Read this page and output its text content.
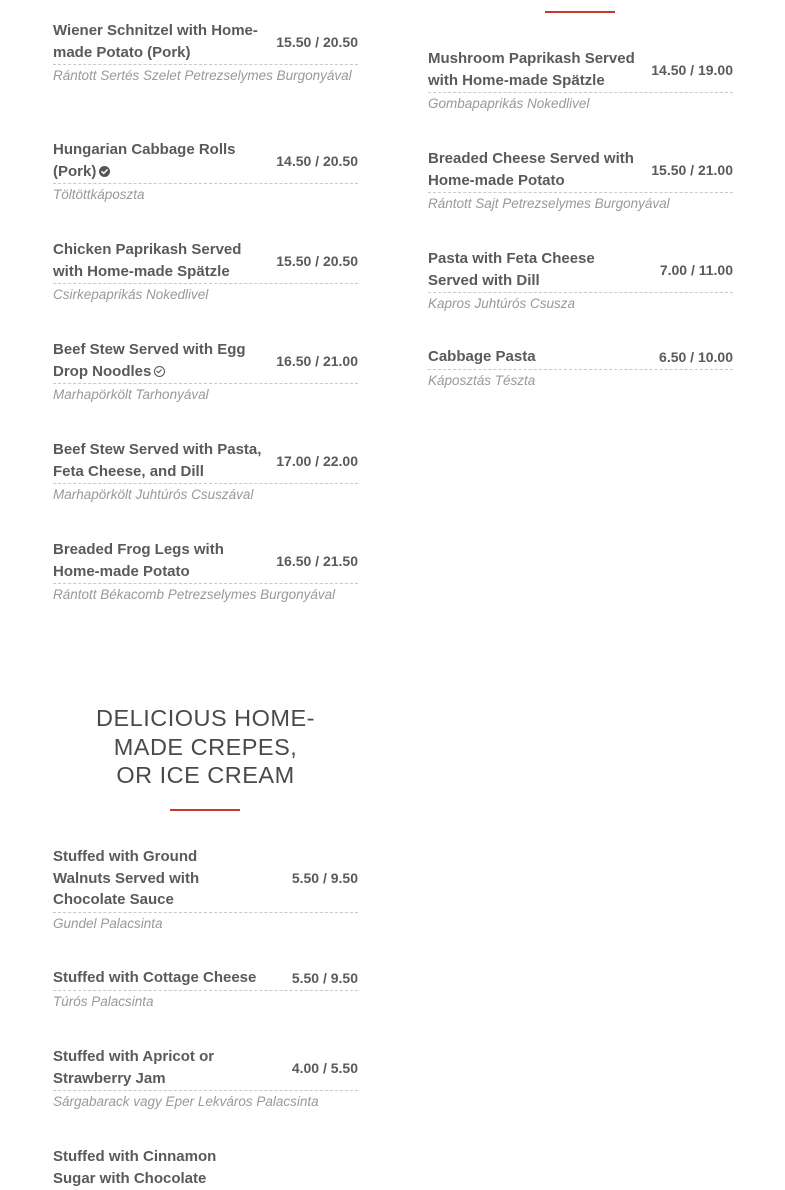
Wiener Schnitzel with Home-made Potato (Pork)
15.50 / 20.50
Rántott Sertés Szelet Petrezselymes Burgonyával
Hungarian Cabbage Rolls (Pork)
14.50 / 20.50
Töltöttkáposzta
Chicken Paprikash Served with Home-made Spätzle
15.50 / 20.50
Csirkepaprikás Nokedlivel
Beef Stew Served with Egg Drop Noodles
16.50 / 21.00
Marhapörkölt Tarhonyával
Beef Stew Served with Pasta, Feta Cheese, and Dill
17.00 / 22.00
Marhapörkölt Juhtúrós Csuszával
Breaded Frog Legs with Home-made Potato
16.50 / 21.50
Rántott Békacomb Petrezselymes Burgonyával
Mushroom Paprikash Served with Home-made Spätzle
14.50 / 19.00
Gombapaprikás Nokedlivel
Breaded Cheese Served with Home-made Potato
15.50 / 21.00
Rántott Sajt Petrezselymes Burgonyával
Pasta with Feta Cheese Served with Dill
7.00 / 11.00
Kapros Juhtúrós Csusza
Cabbage Pasta	6.50 / 10.00
Káposztás Tészta
DELICIOUS HOME-
MADE CREPES,
OR ICE CREAM
Stuffed with Ground Walnuts Served with Chocolate Sauce
5.50 / 9.50
Gundel Palacsinta
Stuffed with Cottage Cheese	5.50 / 9.50
Túrós Palacsinta
Stuffed with Apricot or Strawberry Jam
4.00 / 5.50
Sárgabarack vagy Eper Lekváros Palacsinta
Stuffed with Cinnamon Sugar with Chocolate
